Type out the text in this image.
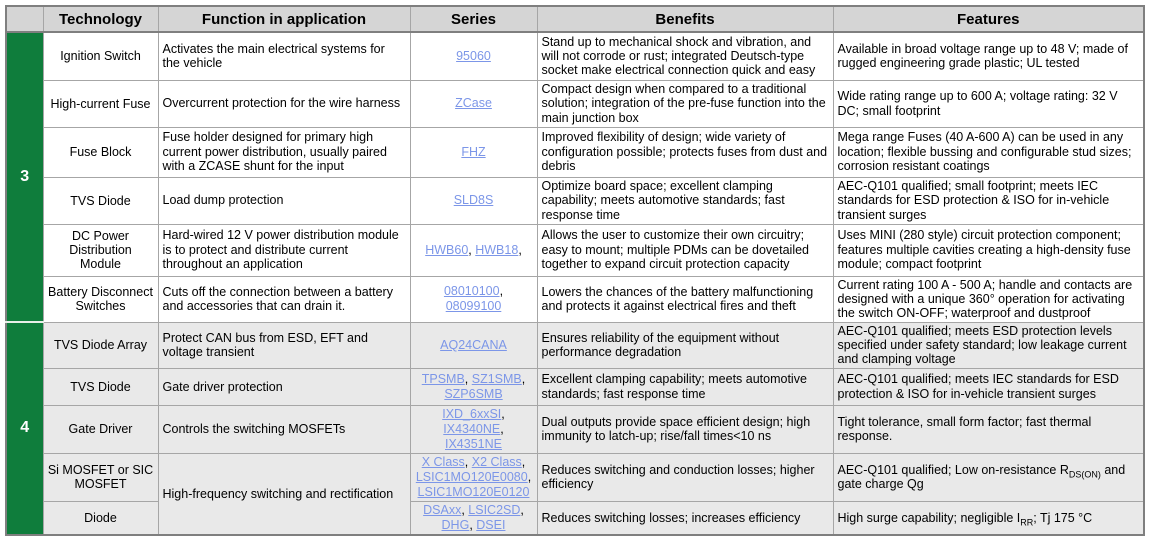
	Technology	Function in application	Series	Benefits	Features
3	Ignition Switch	Activates the main electrical systems for the vehicle	95060	Stand up to mechanical shock and vibration, and will not corrode or rust; integrated Deutsch-type socket make electrical connection quick and easy	Available in broad voltage range up to 48 V; made of rugged engineering grade plastic; UL tested
	High-current Fuse	Overcurrent protection for the wire harness	ZCase	Compact design when compared to a traditional solution; integration of the pre-fuse function into the main junction box	Wide rating range up to 600 A; voltage rating: 32 V DC; small footprint
	Fuse Block	Fuse holder designed for primary high current power distribution, usually paired with a ZCASE shunt for the input	FHZ	Improved flexibility of design; wide variety of configuration possible; protects fuses from dust and debris	Mega range Fuses (40 A-600 A) can be used in any location; flexible bussing and configurable stud sizes; corrosion resistant coatings
	TVS Diode	Load dump protection	SLD8S	Optimize board space; excellent clamping capability; meets automotive standards; fast response time	AEC-Q101 qualified; small footprint; meets IEC standards for ESD protection & ISO for in-vehicle transient surges
	DC Power Distribution Module	Hard-wired 12 V power distribution module is to protect and distribute current throughout an application	HWB60, HWB18,	Allows the user to customize their own circuitry; easy to mount; multiple PDMs can be dovetailed together to expand circuit protection capacity	Uses MINI (280 style) circuit protection component; features multiple cavities creating a high-density fuse module; compact footprint
	Battery Disconnect Switches	Cuts off the connection between a battery and accessories that can drain it.	08010100, 08099100	Lowers the chances of the battery malfunctioning and protects it against electrical fires and theft	Current rating 100 A - 500 A; handle and contacts are designed with a unique 360° operation for activating the switch ON-OFF; waterproof and dustproof
4	TVS Diode Array	Protect CAN bus from ESD, EFT and voltage transient	AQ24CANA	Ensures reliability of the equipment without performance degradation	AEC-Q101 qualified; meets ESD protection levels specified under safety standard; low leakage current and clamping voltage
	TVS Diode	Gate driver protection	TPSMB, SZ1SMB, SZP6SMB	Excellent clamping capability; meets automotive standards; fast response time	AEC-Q101 qualified; meets IEC standards for ESD protection & ISO for in-vehicle transient surges
	Gate Driver	Controls the switching MOSFETs	IXD_6xxSI, IX4340NE, IX4351NE	Dual outputs provide space efficient design; high immunity to latch-up; rise/fall times<10 ns	Tight tolerance, small form factor; fast thermal response.
	Si MOSFET or SIC MOSFET	High-frequency switching and rectification	X Class, X2 Class, LSIC1MO120E0080, LSIC1MO120E0120	Reduces switching and conduction losses; higher efficiency	AEC-Q101 qualified; Low on-resistance $R_{DS(ON)}$ and gate charge Qg
	Diode		DSAxx, LSIC2SD, DHG, DSEI	Reduces switching losses; increases efficiency	High surge capability; negligible $I_{RR}$; Tj 175 °C
